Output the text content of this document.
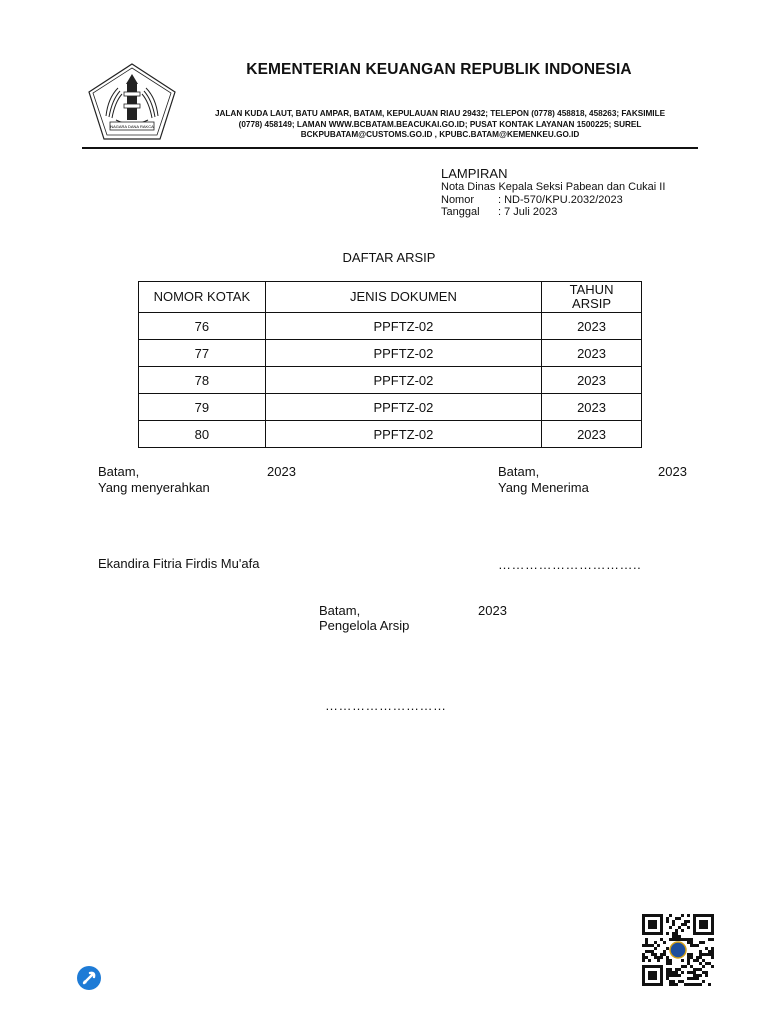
NAGARA DANA RAKCA
KEMENTERIAN KEUANGAN REPUBLIK INDONESIA
JALAN KUDA LAUT, BATU AMPAR, BATAM, KEPULAUAN RIAU 29432; TELEPON (0778) 458818, 458263; FAKSIMILE
(0778) 458149; LAMAN WWW.BCBATAM.BEACUKAI.GO.ID; PUSAT KONTAK LAYANAN 1500225; SUREL
BCKPUBATAM@CUSTOMS.GO.ID , KPUBC.BATAM@KEMENKEU.GO.ID
LAMPIRAN
Nota Dinas Kepala Seksi Pabean dan Cukai II
Nomor : ND-570/KPU.2032/2023
Tanggal : 7 Juli 2023
DAFTAR ARSIP
NOMOR KOTAK	JENIS DOKUMEN	TAHUN ARSIP

76	PPFTZ-02	2023
77	PPFTZ-02	2023
78	PPFTZ-02	2023
79	PPFTZ-02	2023
80	PPFTZ-02	2023
Batam,	2023
Yang menyerahkan
Batam,	2023
Yang Menerima
Ekandira Fitria Firdis Mu'afa	…………………………..
Batam,	2023
Pengelola Arsip
………………………
